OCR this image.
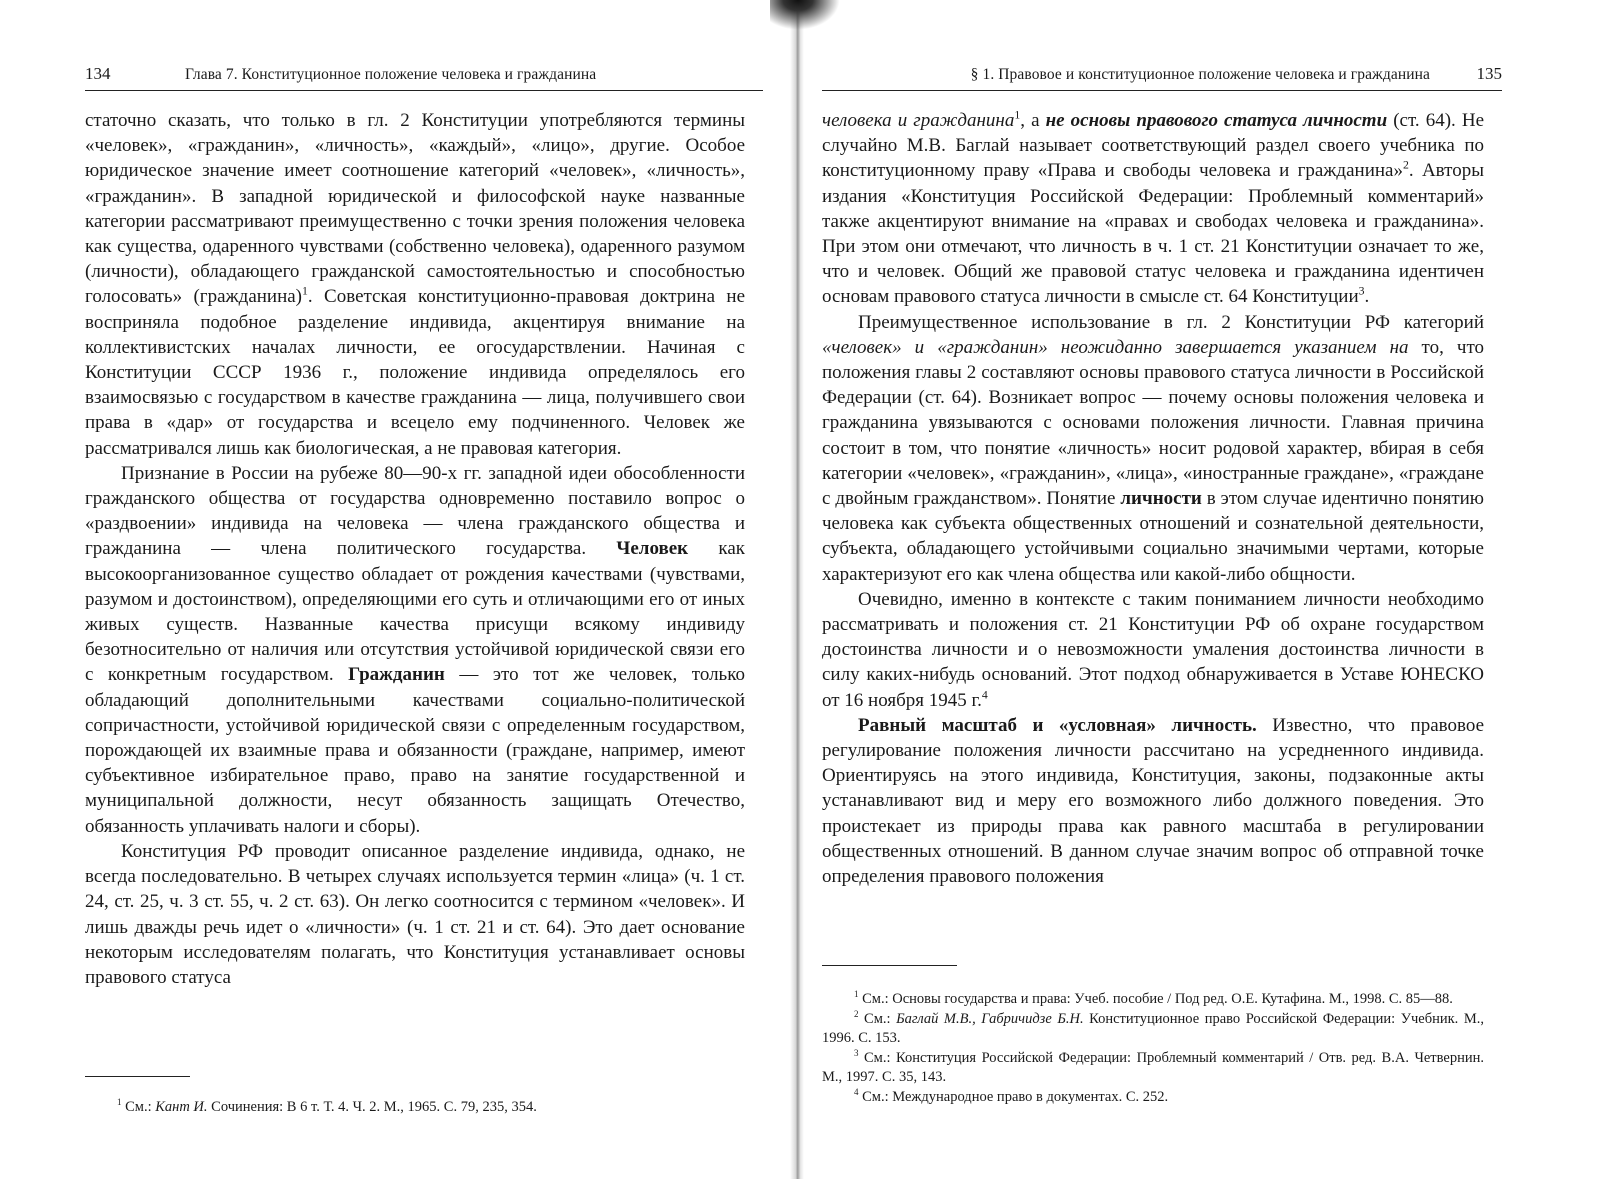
134	Глава 7. Конституционное положение человека и гражданина

статочно сказать, что только в гл. 2 Конституции употребляются термины «человек», «гражданин», «личность», «каждый», «лицо», другие. Особое юридическое значение имеет соотношение категорий «человек», «личность», «гражданин». В западной юридической и философской науке названные категории рассматривают преимущественно с точки зрения положения человека как существа, одаренного чувствами (собственно человека), одаренного разумом (личности), обладающего гражданской самостоятельностью и способностью голосовать» (гражданина)$^1$. Советская конституционно-правовая доктрина не восприняла подобное разделение индивида, акцентируя внимание на коллективистских началах личности, ее огосударствлении. Начиная с Конституции СССР 1936 г., положение индивида определялось его взаимосвязью с государством в качестве гражданина — лица, получившего свои права в «дар» от государства и всецело ему подчиненного. Человек же рассматривался лишь как биологическая, а не правовая категория.

Признание в России на рубеже 80—90-х гг. западной идеи обособленности гражданского общества от государства одновременно поставило вопрос о «раздвоении» индивида на человека — члена гражданского общества и гражданина — члена политического государства. Человек как высокоорганизованное существо обладает от рождения качествами (чувствами, разумом и достоинством), определяющими его суть и отличающими его от иных живых существ. Названные качества присущи всякому индивиду безотносительно от наличия или отсутствия устойчивой юридической связи его с конкретным государством. Гражданин — это тот же человек, только обладающий дополнительными качествами социально-политической сопричастности, устойчивой юридической связи с определенным государством, порождающей их взаимные права и обязанности (граждане, например, имеют субъективное избирательное право, право на занятие государственной и муниципальной должности, несут обязанность защищать Отечество, обязанность уплачивать налоги и сборы).

Конституция РФ проводит описанное разделение индивида, однако, не всегда последовательно. В четырех случаях используется термин «лица» (ч. 1 ст. 24, ст. 25, ч. 3 ст. 55, ч. 2 ст. 63). Он легко соотносится с термином «человек». И лишь дважды речь идет о «личности» (ч. 1 ст. 21 и ст. 64). Это дает основание некоторым исследователям полагать, что Конституция устанавливает основы правового статуса

$^1$ См.: Кант И. Сочинения: В 6 т. Т. 4. Ч. 2. М., 1965. С. 79, 235, 354.

§ 1. Правовое и конституционное положение человека и гражданина	135

человека и гражданина$^1$, а не основы правового статуса личности (ст. 64). Не случайно М.В. Баглай называет соответствующий раздел своего учебника по конституционному праву «Права и свободы человека и гражданина»$^2$. Авторы издания «Конституция Российской Федерации: Проблемный комментарий» также акцентируют внимание на «правах и свободах человека и гражданина». При этом они отмечают, что личность в ч. 1 ст. 21 Конституции означает то же, что и человек. Общий же правовой статус человека и гражданина идентичен основам правового статуса личности в смысле ст. 64 Конституции$^3$.

Преимущественное использование в гл. 2 Конституции РФ категорий «человек» и «гражданин» неожиданно завершается указанием на то, что положения главы 2 составляют основы правового статуса личности в Российской Федерации (ст. 64). Возникает вопрос — почему основы положения человека и гражданина увязываются с основами положения личности. Главная причина состоит в том, что понятие «личность» носит родовой характер, вбирая в себя категории «человек», «гражданин», «лица», «иностранные граждане», «граждане с двойным гражданством». Понятие личности в этом случае идентично понятию человека как субъекта общественных отношений и сознательной деятельности, субъекта, обладающего устойчивыми социально значимыми чертами, которые характеризуют его как члена общества или какой-либо общности.

Очевидно, именно в контексте с таким пониманием личности необходимо рассматривать и положения ст. 21 Конституции РФ об охране государством достоинства личности и о невозможности умаления достоинства личности в силу каких-нибудь оснований. Этот подход обнаруживается в Уставе ЮНЕСКО от 16 ноября 1945 г.$^4$

Равный масштаб и «условная» личность. Известно, что правовое регулирование положения личности рассчитано на усредненного индивида. Ориентируясь на этого индивида, Конституция, законы, подзаконные акты устанавливают вид и меру его возможного либо должного поведения. Это проистекает из природы права как равного масштаба в регулировании общественных отношений. В данном случае значим вопрос об отправной точке определения правового положения

$^1$ См.: Основы государства и права: Учеб. пособие / Под ред. О.Е. Кутафина. М., 1998. С. 85—88.

$^2$ См.: Баглай М.В., Габричидзе Б.Н. Конституционное право Российской Федерации: Учебник. М., 1996. С. 153.

$^3$ См.: Конституция Российской Федерации: Проблемный комментарий / Отв. ред. В.А. Четвернин. М., 1997. С. 35, 143.

$^4$ См.: Международное право в документах. С. 252.
